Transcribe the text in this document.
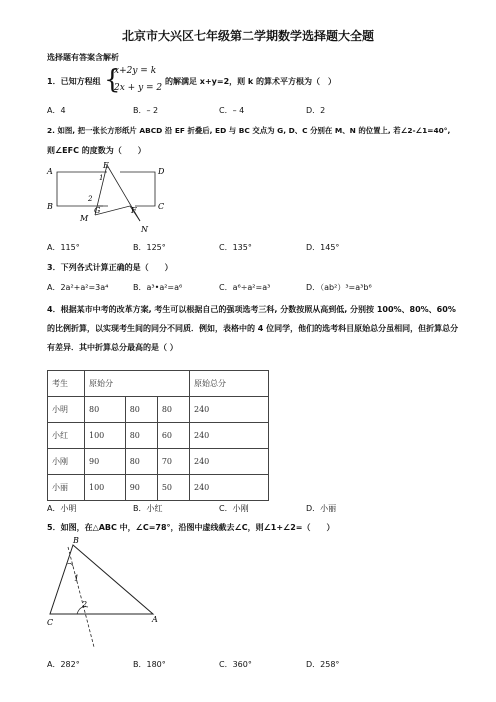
北京市大兴区七年级第二学期数学选择题大全题
选择题有答案含解析
1．已知方程组 {
x+2y = k
2x + y = 2
的解满足 x+y=2，则 k 的算术平方根为（　）
A．4	B．– 2	C．– 4	D．2
2. 如图, 把一张长方形纸片 ABCD 沿 EF 折叠后, ED 与 BC 交点为 G, D、C 分别在 M、N 的位置上, 若∠2-∠1=40°,
则∠EFC 的度数为（　　）
A	D
B	C
E
F
G
M
N
1
2
A．115°	B．125°	C．135°	D．145°
3．下列各式计算正确的是（　　）
A．2a²+a²=3a⁴	B．a³•a²=a⁶	C．a⁶÷a²=a³	D．（ab²）³=a³b⁶
4．根据某市中考的改革方案, 考生可以根据自己的强项选考三科, 分数按照从高到低, 分别按 100%、80%、60%的比例折算，以实现考生间的同分不同质．例如，表格中的 4 位同学，他们的选考科目原始总分虽相同，但折算总分有差异．其中折算总分最高的是（ ）
考生	原始分			原始总分
小明	80	80	80	240
小红	100	80	60	240
小刚	90	80	70	240
小丽	100	90	50	240
A．小明	B．小红	C．小刚	D．小丽
5．如图，在△ABC 中，∠C=78°，沿图中虚线截去∠C，则∠1+∠2=（　　）
B
C	A
1
2
A．282°	B．180°	C．360°	D．258°
